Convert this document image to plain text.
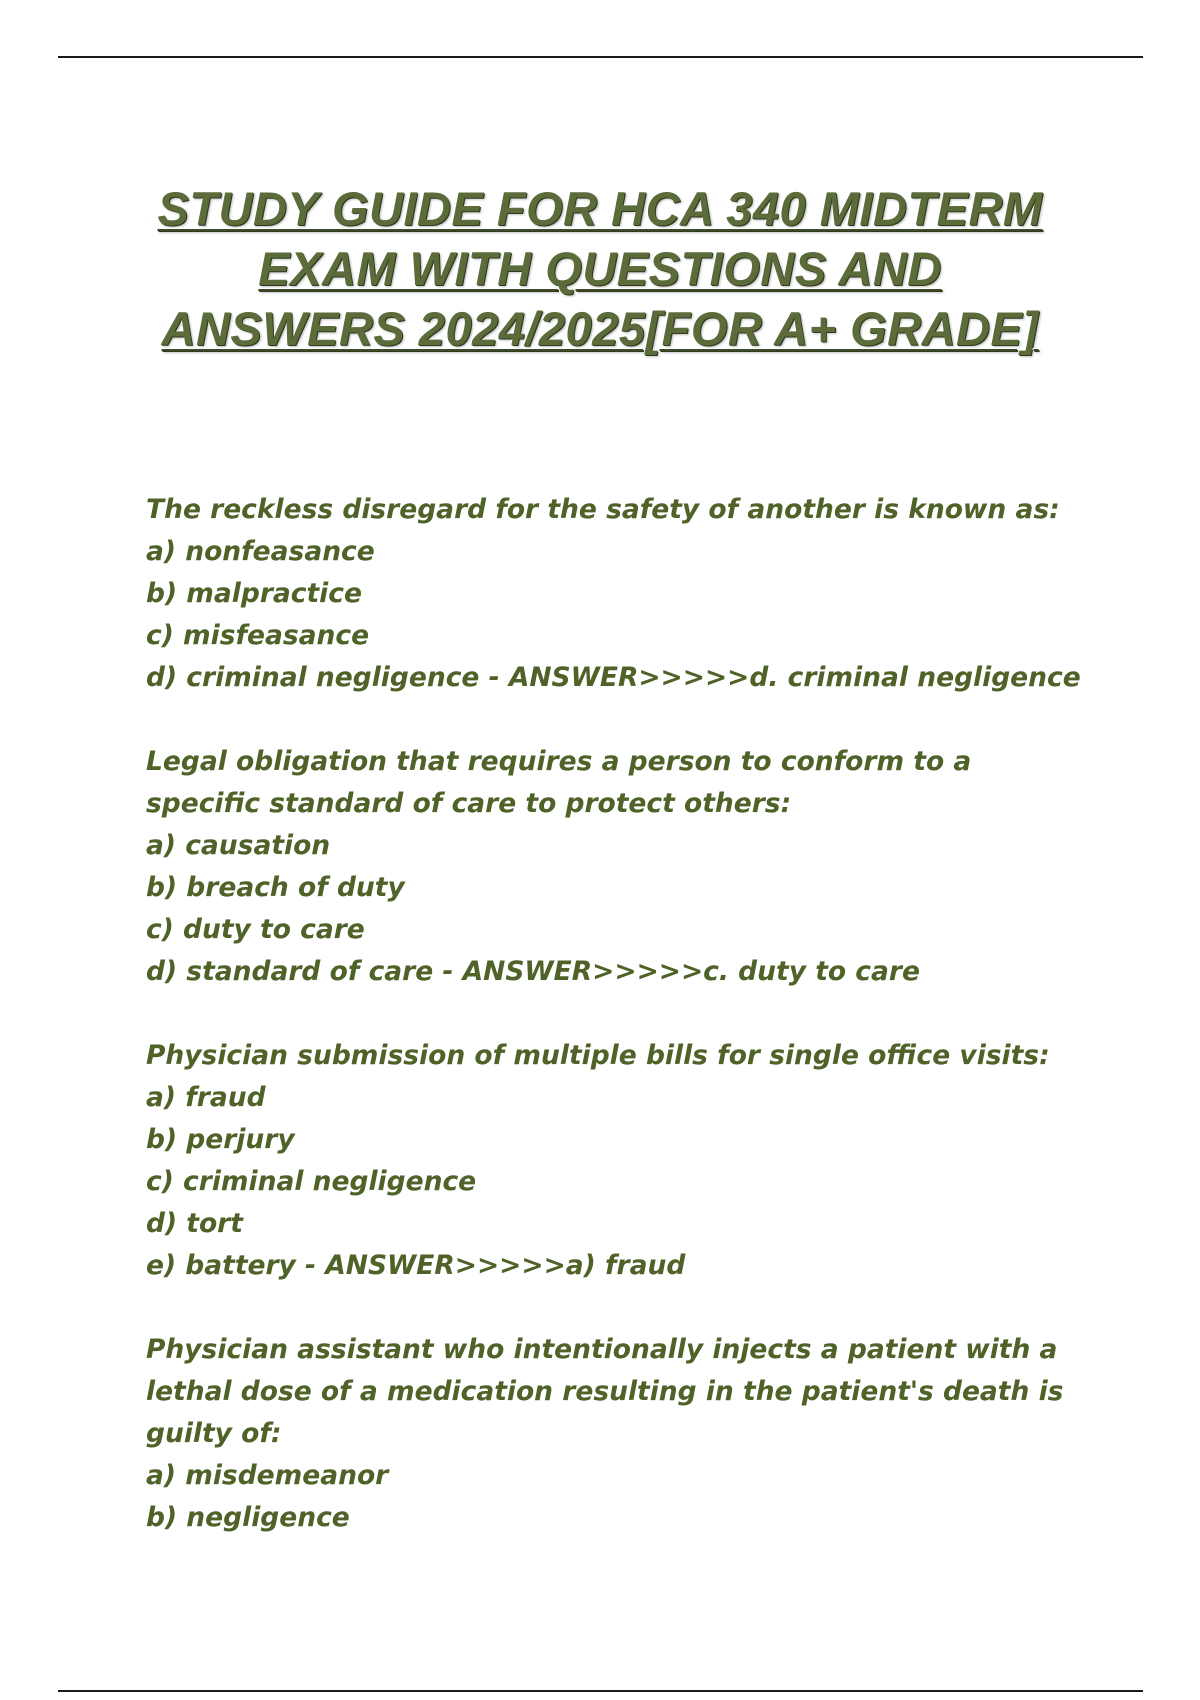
STUDY GUIDE FOR HCA 340 MIDTERM
EXAM WITH QUESTIONS AND
ANSWERS 2024/2025[FOR A+ GRADE]

The reckless disregard for the safety of another is known as:

a) nonfeasance

b) malpractice

c) misfeasance

d) criminal negligence - ANSWER>>>>>d. criminal negligence

Legal obligation that requires a person to conform to a specific standard of care to protect others:

a) causation

b) breach of duty

c) duty to care

d) standard of care - ANSWER>>>>>c. duty to care

Physician submission of multiple bills for single office visits:

a) fraud

b) perjury

c) criminal negligence

d) tort

e) battery - ANSWER>>>>>a) fraud

Physician assistant who intentionally injects a patient with a lethal dose of a medication resulting in the patient's death is guilty of:

a) misdemeanor

b) negligence
